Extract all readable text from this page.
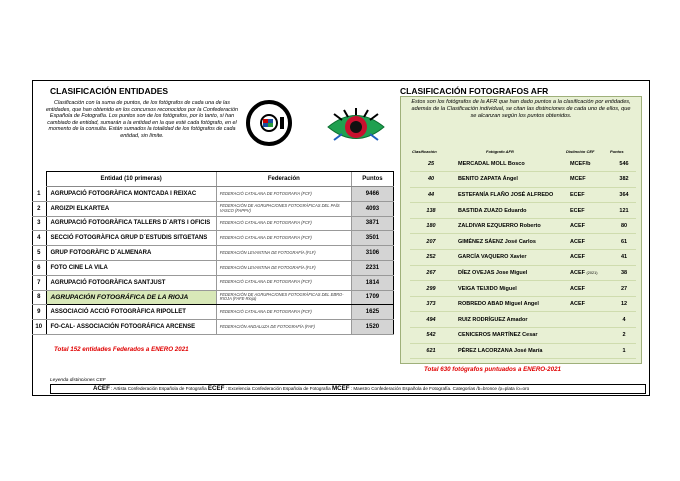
CLASIFICACIÓN ENTIDADES
Clasificación con la suma de puntos, de los fotógrafos de cada una de las entidades, que han obtenido en los concursos reconocidos por la Confederación Española de Fotografía. Los puntos son de los fotógrafos, por lo tanto, si han cambiado de entidad, sumarán a la entidad en la que esté cada fotógrafo, en el momento de la consulta. Están sumados la totalidad de los fotógrafos de cada entidad, sin límite.
	Entidad (10 primeras)	Federación	Puntos
1	AGRUPACIÓ FOTOGRÀFICA MONTCADA I REIXAC	FEDERACIÓ CATALANA DE FOTOGRAFIA (FCF)	9466
2	ARGIZPI ELKARTEA	FEDERACIÓN DE AGRUPACIONES FOTOGRÁFICAS DEL PAÍS VASCO (FAPPV)	4093
3	AGRUPACIÓ FOTOGRÀFICA TALLERS D´ARTS I OFICIS	FEDERACIÓ CATALANA DE FOTOGRAFIA (FCF)	3871
4	SECCIÓ FOTOGRÀFICA GRUP D´ESTUDIS SITGETANS	FEDERACIÓ CATALANA DE FOTOGRAFIA (FCF)	3501
5	GRUP FOTOGRÀFIC D´ALMENARA	FEDERACIÓN LEVANTINA DE FOTOGRAFÍA (FLF)	3106
6	FOTO CINE LA VILA	FEDERACIÓN LEVANTINA DE FOTOGRAFÍA (FLF)	2231
7	AGRUPACIÓ FOTOGRÀFICA SANTJUST	FEDERACIÓ CATALANA DE FOTOGRAFIA (FCF)	1814
8	AGRUPACIÓN FOTOGRÁFICA DE LA RIOJA	FEDERACIÓN DE AGRUPACIONES FOTOGRÁFICAS DEL EBRO-RIOJA (FAFE-Rioja)	1709
9	ASSOCIACIÓ ACCIÓ FOTOGRÀFICA RIPOLLET	FEDERACIÓ CATALANA DE FOTOGRAFIA (FCF)	1625
10	FO-CAL- ASSOCIACIÓN FOTOGRÁFICA ARCENSE	FEDERACIÓN ANDALUZA DE FOTOGRAFÍA (FAF)	1520
Total 152 entidades Federados a ENERO 2021
CLASIFICACIÓN FOTOGRAFOS AFR
Estos son los fotógrafos de la AFR que han dado puntos a la clasificación por entidades, además de la Clasificación individual, se citan las distinciones de cada uno de ellos, que se alcanzan según los puntos obtenidos.
Clasificación	Fotógrafo AFR	Distinción CEF	Puntos
25	MERCADAL MOLL Bosco	MCEF/b	546
40	BENITO ZAPATA Ángel	MCEF	382
44	ESTEFANÍA FLAÑO JOSÉ ALFREDO	ECEF	364
138	BASTIDA ZUAZO Eduardo	ECEF	121
180	ZALDIVAR EZQUERRO Roberto	ACEF	80
207	GIMÉNEZ SÁENZ José Carlos	ACEF	61
252	GARCÍA VAQUERO Xavier	ACEF	41
267	DÍEZ OVEJAS Jose Miguel	ACEF (2021)	38
299	VEIGA TEIJIDO Miguel	ACEF	27
373	ROBREDO ABAD Miguel Angel	ACEF	12
494	RUIZ RODRÍGUEZ Amador		4
542	CENICEROS MARTÍNEZ Cesar		2
621	PÉREZ LACORZANA José María		1
Total 630 fotógrafos puntuados a ENERO-2021
Leyenda distinciones CEF
ACEF : Artista Confederación Española de Fotografía ECEF : Excelencia Confederación Española de Fotografía MCEF : Maestro Confederación Española de Fotografía. Categorías /b=bronce /p=plata /o=oro
